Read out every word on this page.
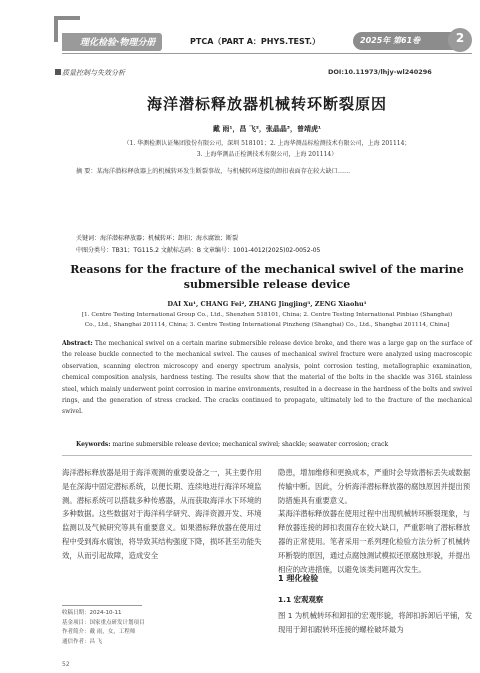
理化检验·物理分册	PTCA（PART A：PHYS.TEST.）	2025年 第61卷	2
质量控制与失效分析	DOI:10.11973/lhjy-wl240296
海洋潜标释放器机械转环断裂原因
戴 雨¹，昌 飞²，张晶晶³，曾靖虎¹
（1. 华测检测认证集团股份有限公司，深圳 518101；2. 上海华测品标检测技术有限公司，上海 201114；
3. 上海华测品正检测技术有限公司，上海 201114）
摘 要：某海洋潜标释放器上的机械转环发生断裂事故，与机械转环连接的卸扣表面存在较大缺口……
关键词：海洋潜标释放器；机械转环；卸扣；海水腐蚀；断裂
中图分类号：TB31；TG115.2 文献标志码：B 文章编号：1001-4012(2025)02-0052-05
Reasons for the fracture of the mechanical swivel of the marine submersible release device
DAI Xu¹, CHANG Fei², ZHANG Jingjing³, ZENG Xiaohu¹
[1. Centre Testing International Group Co., Ltd., Shenzhen 518101, China; 2. Centre Testing International Pinbiao (Shanghai)
Co., Ltd., Shanghai 201114, China; 3. Centre Testing International Pinzheng (Shanghai) Co., Ltd., Shanghai 201114, China]
Abstract: The mechanical swivel on a certain marine submersible release device broke, and there was a large gap on the surface of the release buckle connected to the mechanical swivel. The causes of mechanical swivel fracture were analyzed using macroscopic observation, scanning electron microscopy and energy spectrum analysis, point corrosion testing, metallographic examination, chemical composition analysis, hardness testing. The results show that the material of the bolts in the shackle was 316L stainless steel, which mainly underwent point corrosion in marine environments, resulted in a decrease in the hardness of the bolts and swivel rings, and the generation of stress cracked. The cracks continued to propagate, ultimately led to the fracture of the mechanical swivel.
Keywords: marine submersible release device; mechanical swivel; shackle; seawater corrosion; crack
海洋潜标释放器是用于海洋观测的重要设备之一，其主要作用是在深海中固定潜标系统，以便长期、连续地进行海洋环境监测。潜标系统可以搭载多种传感器，从而获取海洋水下环境的多种数据。这些数据对于海洋科学研究、海洋资源开发、环境监测以及气候研究等具有重要意义。如果潜标释放器在使用过程中受到海水腐蚀，将导致其结构强度下降，损坏甚至功能失效，从而引起故障，造成安全
隐患，增加维修和更换成本，严重时会导致潜标丢失或数据传输中断。因此，分析海洋潜标释放器的腐蚀原因并提出预防措施具有重要意义。
某海洋潜标释放器在使用过程中出现机械转环断裂现象，与释放器连接的卸扣表面存在较大缺口，严重影响了潜标释放器的正常使用。笔者采用一系列理化检验方法分析了机械转环断裂的原因，通过点腐蚀测试模拟还原腐蚀形貌，并提出相应的改进措施，以避免该类问题再次发生。
1 理化检验
1.1 宏观观察
图 1 为机械转环和卸扣的宏观形貌，将卸扣拆卸后平铺，发现用于卸扣跟转环连接的螺栓破坏最为
收稿日期：2024-10-11
基金项目：国家重点研发计划项目
作者简介：戴 雨，女，工程师
通信作者：昌 飞
52
